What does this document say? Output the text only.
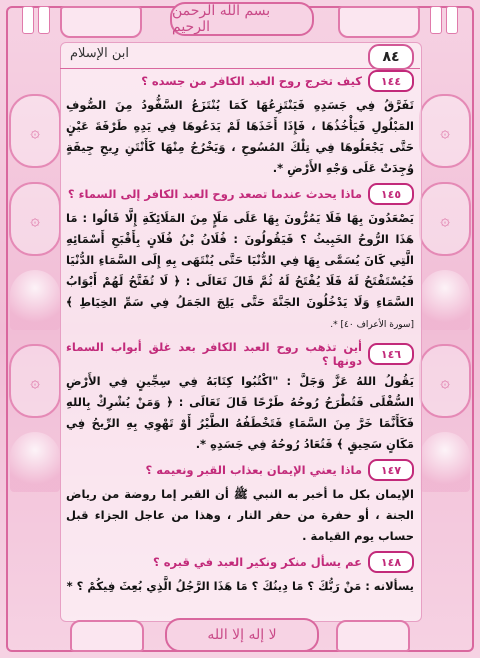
بسم الله الرحمن الرحيم
۞
۞
۞
۞
۞
۞
٨٤
ابن الإسلام
١٤٤
كيف تخرج روح العبد الكافر من جسده ؟
تَفَرَّقُ فِي جَسَدِهِ فَيَنْتَزِعُهَا كَمَا يُنْتَزَعُ السَّفُّودُ مِنَ الصُّوفِ المَبْلُولِ فَيَأْخُذُهَا ، فَإِذَا أَخَذَهَا لَمْ يَدَعُوهَا فِي يَدِهِ طَرْفَةَ عَيْنٍ حَتَّى يَجْعَلُوهَا فِي تِلْكَ المُسُوحِ ، وَيَخْرُجُ مِنْهَا كَأَنْتَنِ رِيحِ جِيفَةٍ وُجِدَتْ عَلَى وَجْهِ الأَرْضِ *.
١٤٥
ماذا يحدث عندما تصعد روح العبد الكافر إلى السماء ؟
يَصْعَدُونَ بِهَا فَلَا يَمُرُّونَ بِهَا عَلَى مَلَإٍ مِنَ المَلَائِكَةِ إِلَّا قَالُوا : مَا هَذَا الرُّوحُ الخَبِيثُ ؟ فَيَقُولُونَ : فُلَانُ بْنُ فُلَانٍ بِأَقْبَحِ أَسْمَائِهِ الَّتِي كَانَ يُسَمَّى بِهَا فِي الدُّنْيَا حَتَّى يُنْتَهَى بِهِ إِلَى السَّمَاءِ الدُّنْيَا فَيُسْتَفْتَحُ لَهُ فَلَا يُفْتَحُ لَهُ ثُمَّ قَالَ تَعَالَى : ﴿ لَا تُفَتَّحُ لَهُمْ أَبْوَابُ السَّمَاءِ وَلَا يَدْخُلُونَ الجَنَّةَ حَتَّى يَلِجَ الجَمَلُ فِي سَمِّ الخِيَاطِ ﴾ [سورة الأعراف ٤٠] *.
١٤٦
أين تذهب روح العبد الكافر بعد غلق أبواب السماء دونها ؟
يَقُولُ اللهُ عَزَّ وَجَلَّ : "اكْتُبُوا كِتَابَهُ فِي سِجِّينٍ فِي الأَرْضِ السُّفْلَى فَتُطْرَحُ رُوحُهُ طَرْحًا قَالَ تَعَالَى : ﴿ وَمَنْ يُشْرِكْ بِاللهِ فَكَأَنَّمَا خَرَّ مِنَ السَّمَاءِ فَتَخْطَفُهُ الطَّيْرُ أَوْ تَهْوِي بِهِ الرِّيحُ فِي مَكَانٍ سَحِيقٍ ﴾ فَتُعَادُ رُوحُهُ فِي جَسَدِهِ *.
١٤٧
ماذا يعني الإيمان بعذاب القبر ونعيمه ؟
الإيمان بكل ما أخبر به النبي ﷺ أن القبر إما روضة من رياض الجنة ، أو حفرة من حفر النار ، وهذا من عاجل الجزاء قبل حساب يوم القيامة .
١٤٨
عم يسأل منكر ونكير العبد في قبره ؟
يسألانه : مَنْ رَبُّكَ ؟ مَا دِينُكَ ؟ مَا هَذَا الرَّجُلُ الَّذِي بُعِثَ فِيكُمْ ؟ *
لا إله إلا الله
